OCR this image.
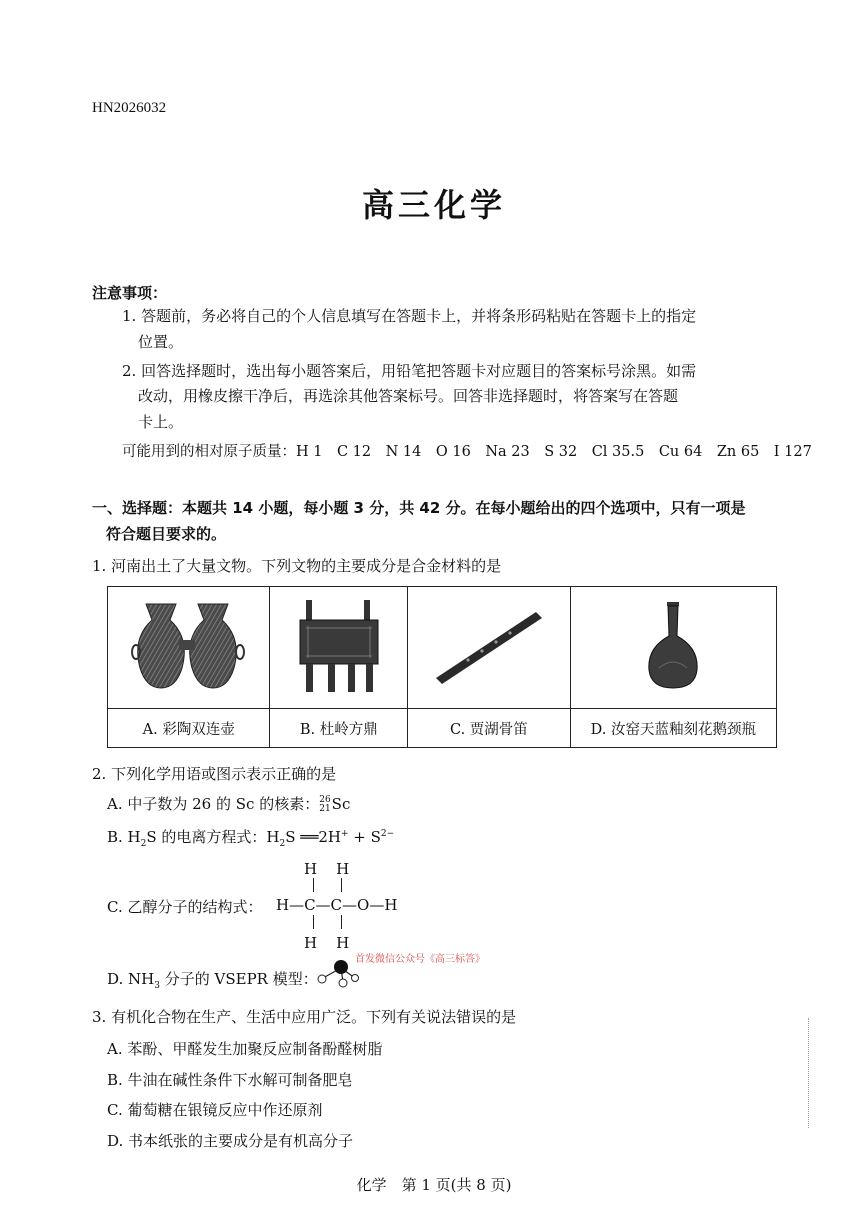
HN2026032
高三化学
注意事项：
1. 答题前，务必将自己的个人信息填写在答题卡上，并将条形码粘贴在答题卡上的指定
位置。
2. 回答选择题时，选出每小题答案后，用铅笔把答题卡对应题目的答案标号涂黑。如需
改动，用橡皮擦干净后，再选涂其他答案标号。回答非选择题时，将答案写在答题
卡上。
可能用到的相对原子质量：H 1　C 12　N 14　O 16　Na 23　S 32　Cl 35.5　Cu 64　Zn 65　I 127
一、选择题：本题共 14 小题，每小题 3 分，共 42 分。在每小题给出的四个选项中，只有一项是
符合题目要求的。
1. 河南出土了大量文物。下列文物的主要成分是合金材料的是

A. 彩陶双连壶	B. 杜岭方鼎	C. 贾湖骨笛	D. 汝窑天蓝釉刻花鹅颈瓶
2. 下列化学用语或图示表示正确的是
A. 中子数为 26 的 Sc 的核素： 26
21 Sc
B. $H_2S$ 的电离方程式：$H_2S$ ══2H+ + $S^{2-}$
C. 乙醇分子的结构式：
H　H
H—C—C—O—H
H　H
首发微信公众号《高三标答》
D. $NH_3$ 分子的 VSEPR 模型：
3. 有机化合物在生产、生活中应用广泛。下列有关说法错误的是
A. 苯酚、甲醛发生加聚反应制备酚醛树脂
B. 牛油在碱性条件下水解可制备肥皂
C. 葡萄糖在银镜反应中作还原剂
D. 书本纸张的主要成分是有机高分子
化学　第 1 页(共 8 页)
